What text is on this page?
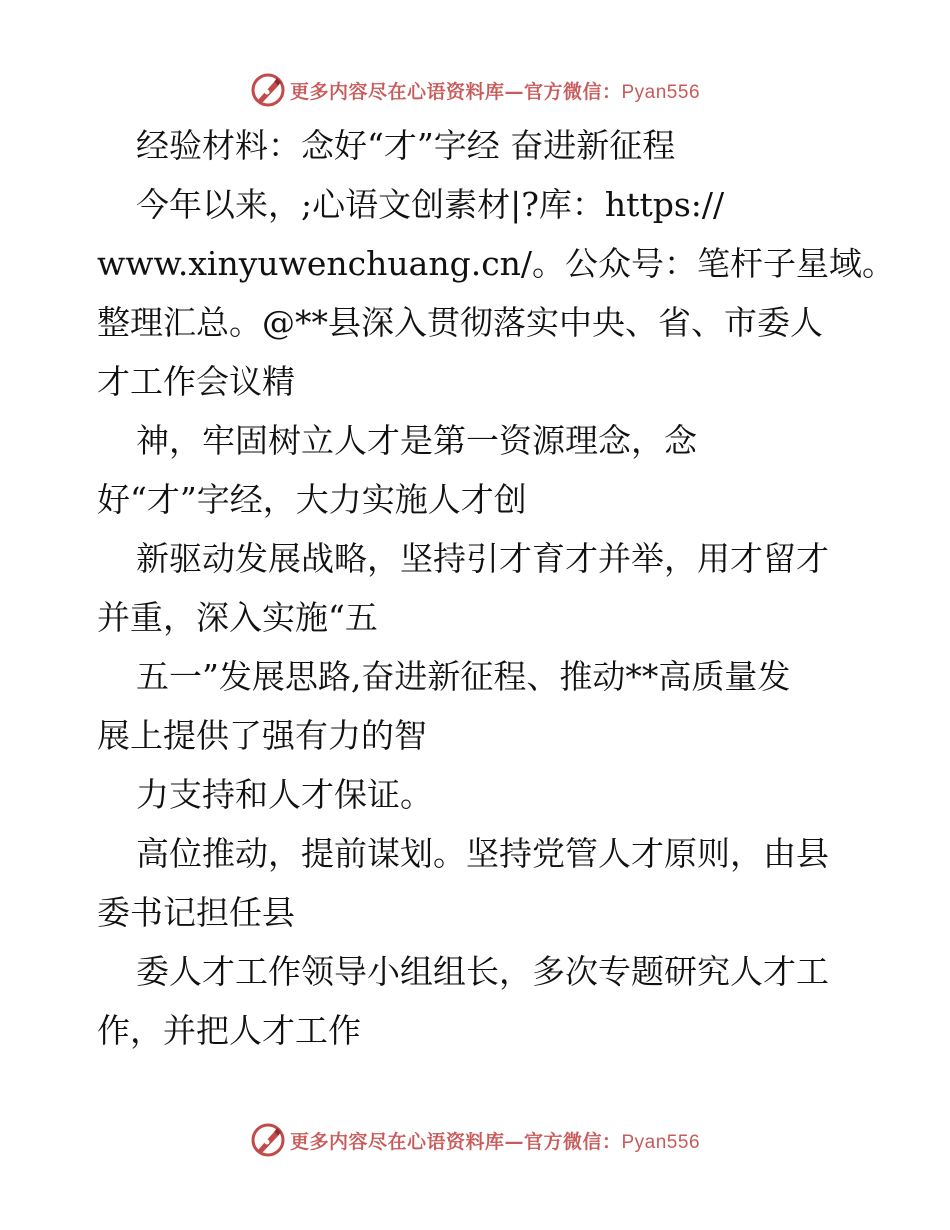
更多内容尽在心语资料库—官方微信：Pyan556
经验材料：念好“才”字经 奋进新征程
今年以来，;心语文创素材|?库：https://
www.xinyuwenchuang.cn/。公众号：笔杆子星域。
整理汇总。@**县深入贯彻落实中央、省、市委人
才工作会议精
神，牢固树立人才是第一资源理念，念
好“才”字经，大力实施人才创
新驱动发展战略，坚持引才育才并举，用才留才
并重，深入实施“五
五一”发展思路,奋进新征程、推动**高质量发
展上提供了强有力的智
力支持和人才保证。
高位推动，提前谋划。坚持党管人才原则，由县
委书记担任县
委人才工作领导小组组长，多次专题研究人才工
作，并把人才工作
更多内容尽在心语资料库—官方微信：Pyan556
